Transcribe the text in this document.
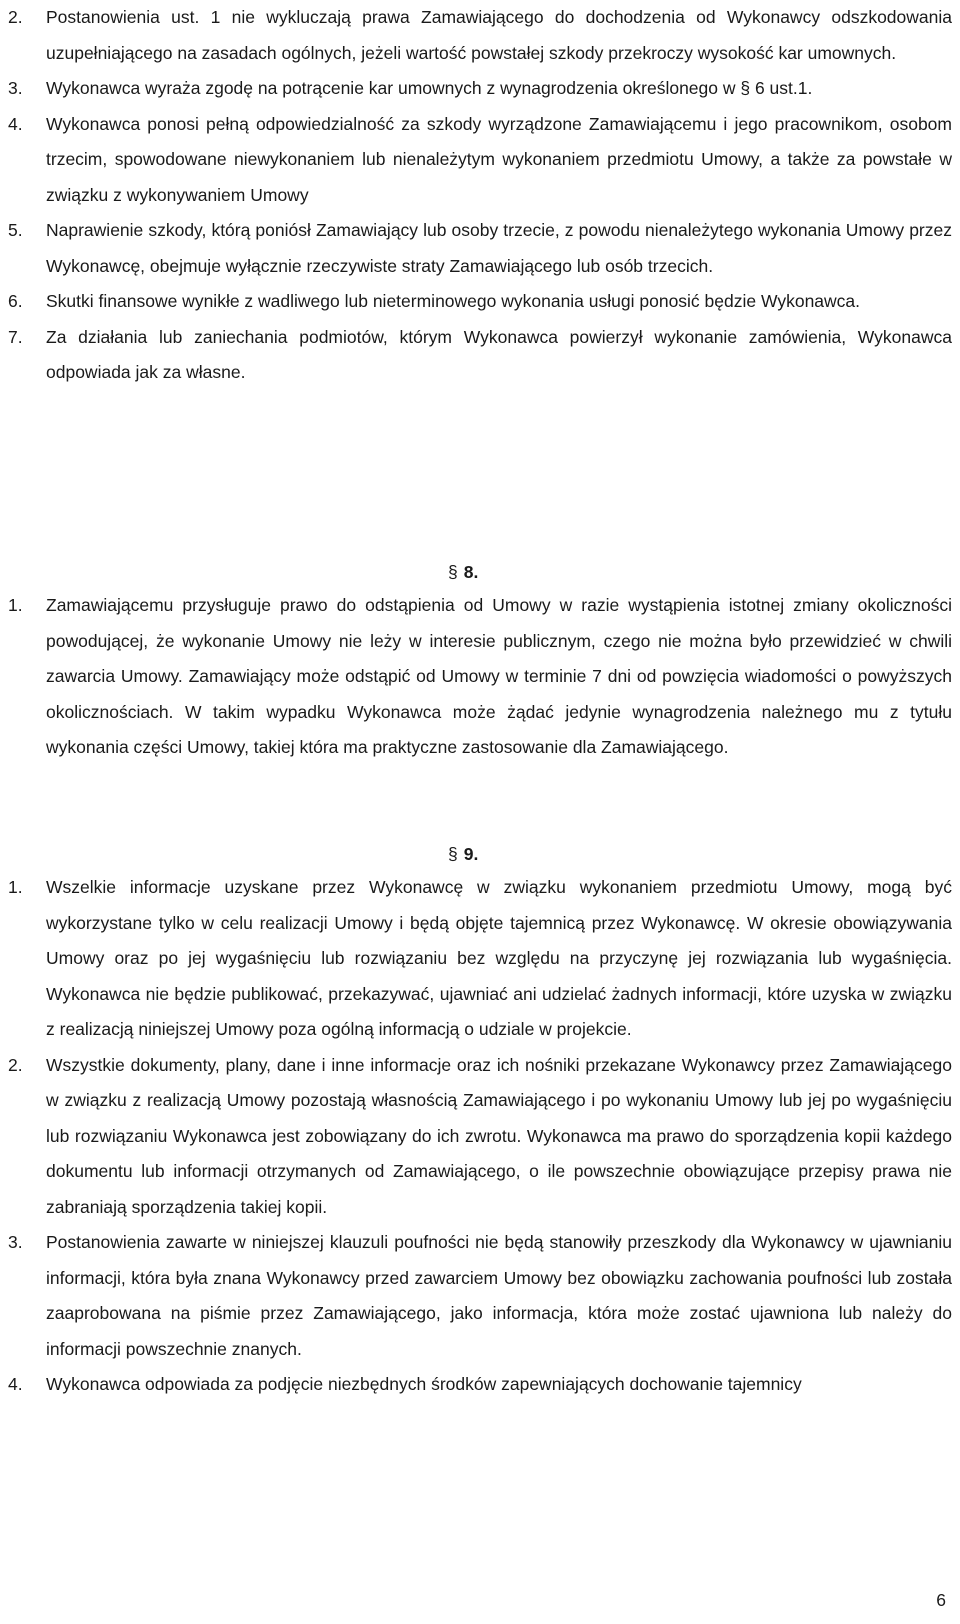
2. Postanowienia ust. 1 nie wykluczają prawa Zamawiającego do dochodzenia od Wykonawcy odszkodowania uzupełniającego na zasadach ogólnych, jeżeli wartość powstałej szkody przekroczy wysokość kar umownych.
3. Wykonawca wyraża zgodę na potrącenie kar umownych z wynagrodzenia określonego w § 6 ust.1.
4. Wykonawca ponosi pełną odpowiedzialność za szkody wyrządzone Zamawiającemu i jego pracownikom, osobom trzecim, spowodowane niewykonaniem lub nienależytym wykonaniem przedmiotu Umowy, a także za powstałe w związku z wykonywaniem Umowy
5. Naprawienie szkody, którą poniósł Zamawiający lub osoby trzecie, z powodu nienależytego wykonania Umowy przez Wykonawcę, obejmuje wyłącznie rzeczywiste straty Zamawiającego lub osób trzecich.
6. Skutki finansowe wynikłe z wadliwego lub nieterminowego wykonania usługi ponosić będzie Wykonawca.
7. Za działania lub zaniechania podmiotów, którym Wykonawca powierzył wykonanie zamówienia, Wykonawca odpowiada jak za własne.
§ 8.
1. Zamawiającemu przysługuje prawo do odstąpienia od Umowy w razie wystąpienia istotnej zmiany okoliczności powodującej, że wykonanie Umowy nie leży w interesie publicznym, czego nie można było przewidzieć w chwili zawarcia Umowy. Zamawiający może odstąpić od Umowy w terminie 7 dni od powzięcia wiadomości o powyższych okolicznościach. W takim wypadku Wykonawca może żądać jedynie wynagrodzenia należnego mu z tytułu wykonania części Umowy, takiej która ma praktyczne zastosowanie dla Zamawiającego.
§ 9.
1. Wszelkie informacje uzyskane przez Wykonawcę w związku wykonaniem przedmiotu Umowy, mogą być wykorzystane tylko w celu realizacji Umowy i będą objęte tajemnicą przez Wykonawcę. W okresie obowiązywania Umowy oraz po jej wygaśnięciu lub rozwiązaniu bez względu na przyczynę jej rozwiązania lub wygaśnięcia. Wykonawca nie będzie publikować, przekazywać, ujawniać ani udzielać żadnych informacji, które uzyska w związku z realizacją niniejszej Umowy poza ogólną informacją o udziale w projekcie.
2. Wszystkie dokumenty, plany, dane i inne informacje oraz ich nośniki przekazane Wykonawcy przez Zamawiającego w związku z realizacją Umowy pozostają własnością Zamawiającego i po wykonaniu Umowy lub jej po wygaśnięciu lub rozwiązaniu Wykonawca jest zobowiązany do ich zwrotu. Wykonawca ma prawo do sporządzenia kopii każdego dokumentu lub informacji otrzymanych od Zamawiającego, o ile powszechnie obowiązujące przepisy prawa nie zabraniają sporządzenia takiej kopii.
3. Postanowienia zawarte w niniejszej klauzuli poufności nie będą stanowiły przeszkody dla Wykonawcy w ujawnianiu informacji, która była znana Wykonawcy przed zawarciem Umowy bez obowiązku zachowania poufności lub została zaaprobowana na piśmie przez Zamawiającego, jako informacja, która może zostać ujawniona lub należy do informacji powszechnie znanych.
4. Wykonawca odpowiada za podjęcie niezbędnych środków zapewniających dochowanie tajemnicy
6
